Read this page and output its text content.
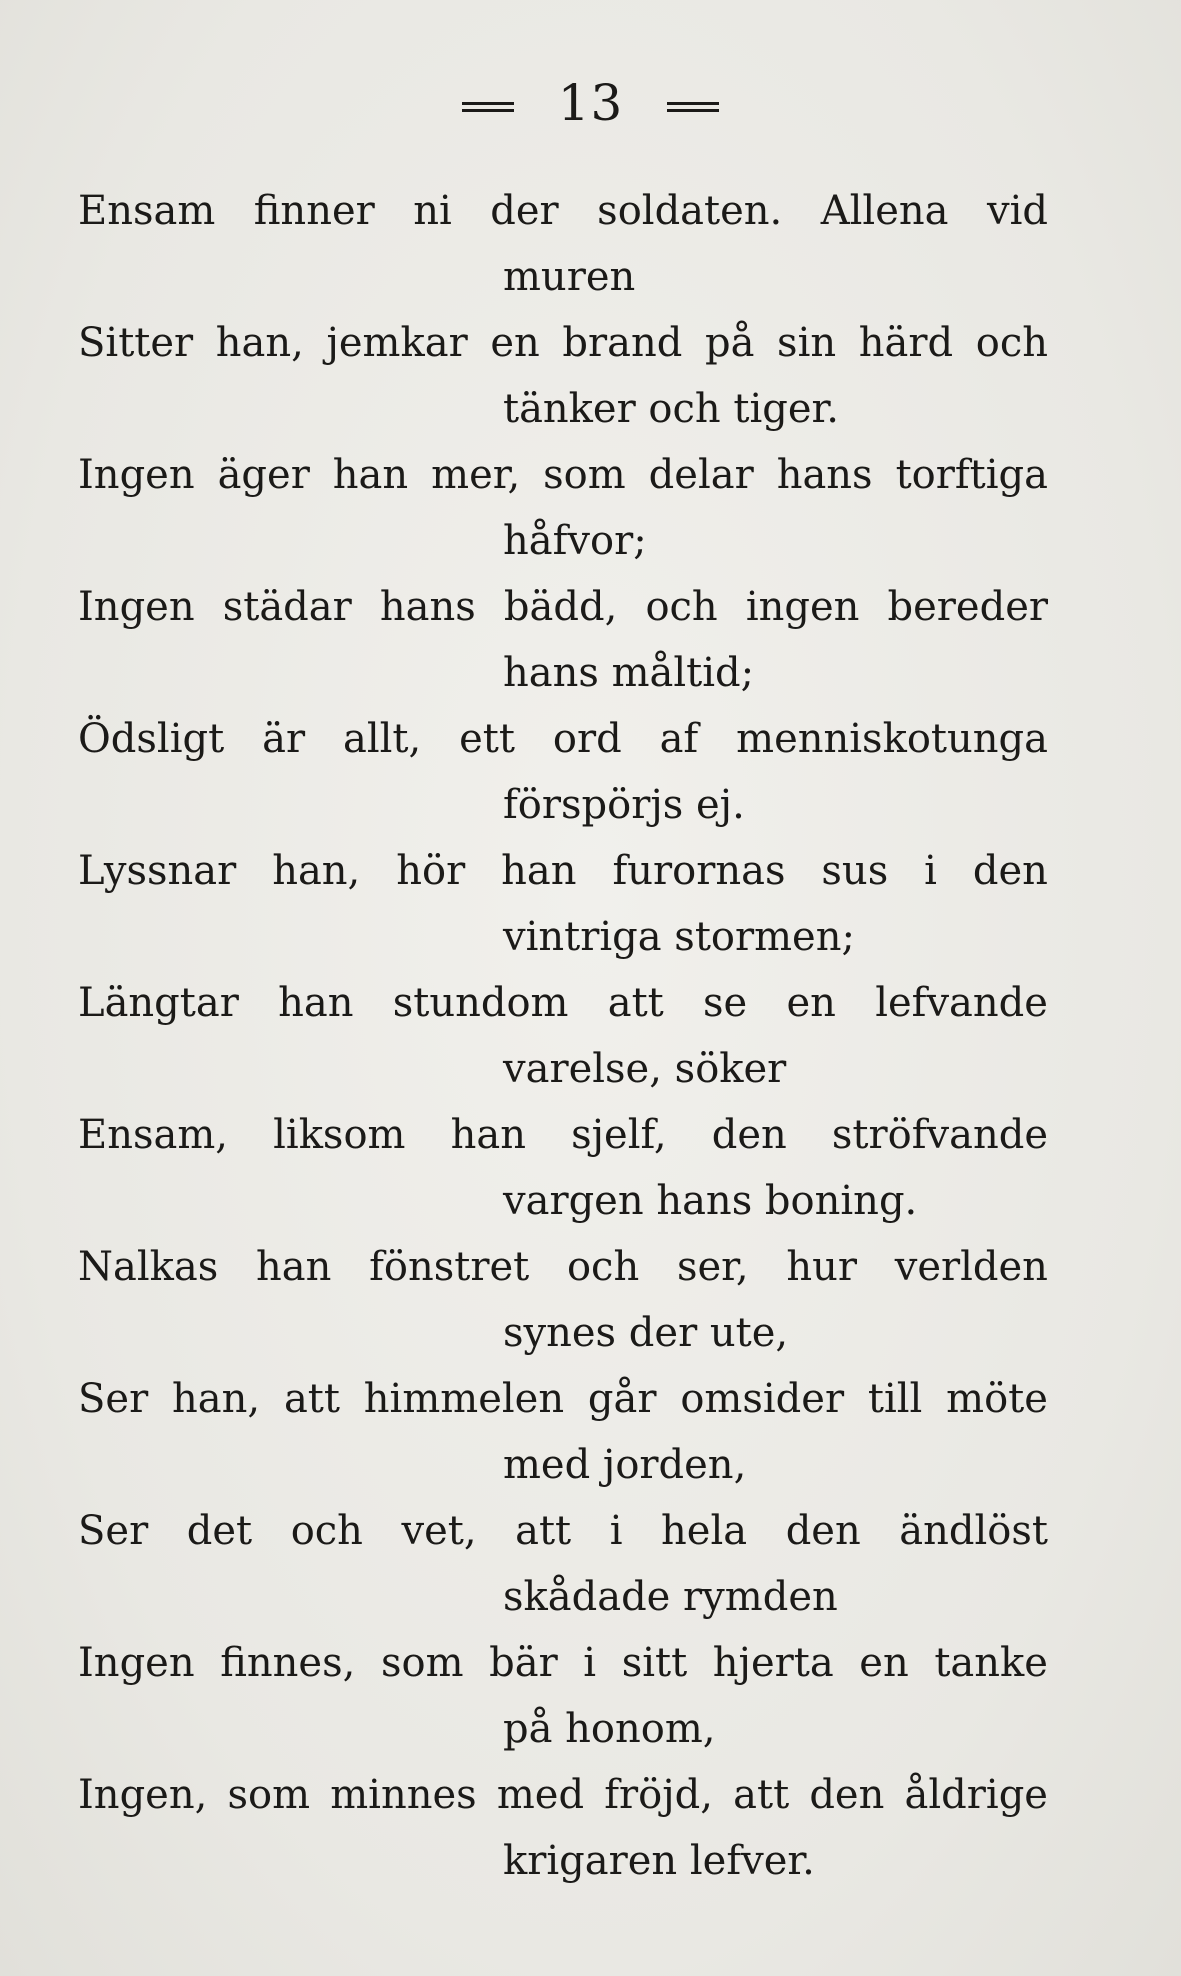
13
Ensam finner ni der soldaten. Allena vid
muren
Sitter han, jemkar en brand på sin härd och
tänker och tiger.
Ingen äger han mer, som delar hans torftiga
håfvor;
Ingen städar hans bädd, och ingen bereder
hans måltid;
Ödsligt är allt, ett ord af menniskotunga
förspörjs ej.
Lyssnar han, hör han furornas sus i den
vintriga stormen;
Längtar han stundom att se en lefvande
varelse, söker
Ensam, liksom han sjelf, den ströfvande
vargen hans boning.
Nalkas han fönstret och ser, hur verlden
synes der ute,
Ser han, att himmelen går omsider till möte
med jorden,
Ser det och vet, att i hela den ändlöst
skådade rymden
Ingen finnes, som bär i sitt hjerta en tanke
på honom,
Ingen, som minnes med fröjd, att den åldrige
krigaren lefver.
